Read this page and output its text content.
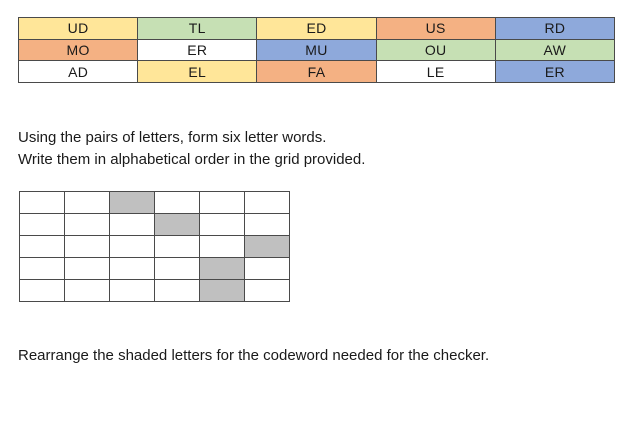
UD	TL	ED	US	RD
MO	ER	MU	OU	AW
AD	EL	FA	LE	ER

Using the pairs of letters, form six letter words.

Write them in alphabetical order in the grid provided.

Rearrange the shaded letters for the codeword needed for the checker.
